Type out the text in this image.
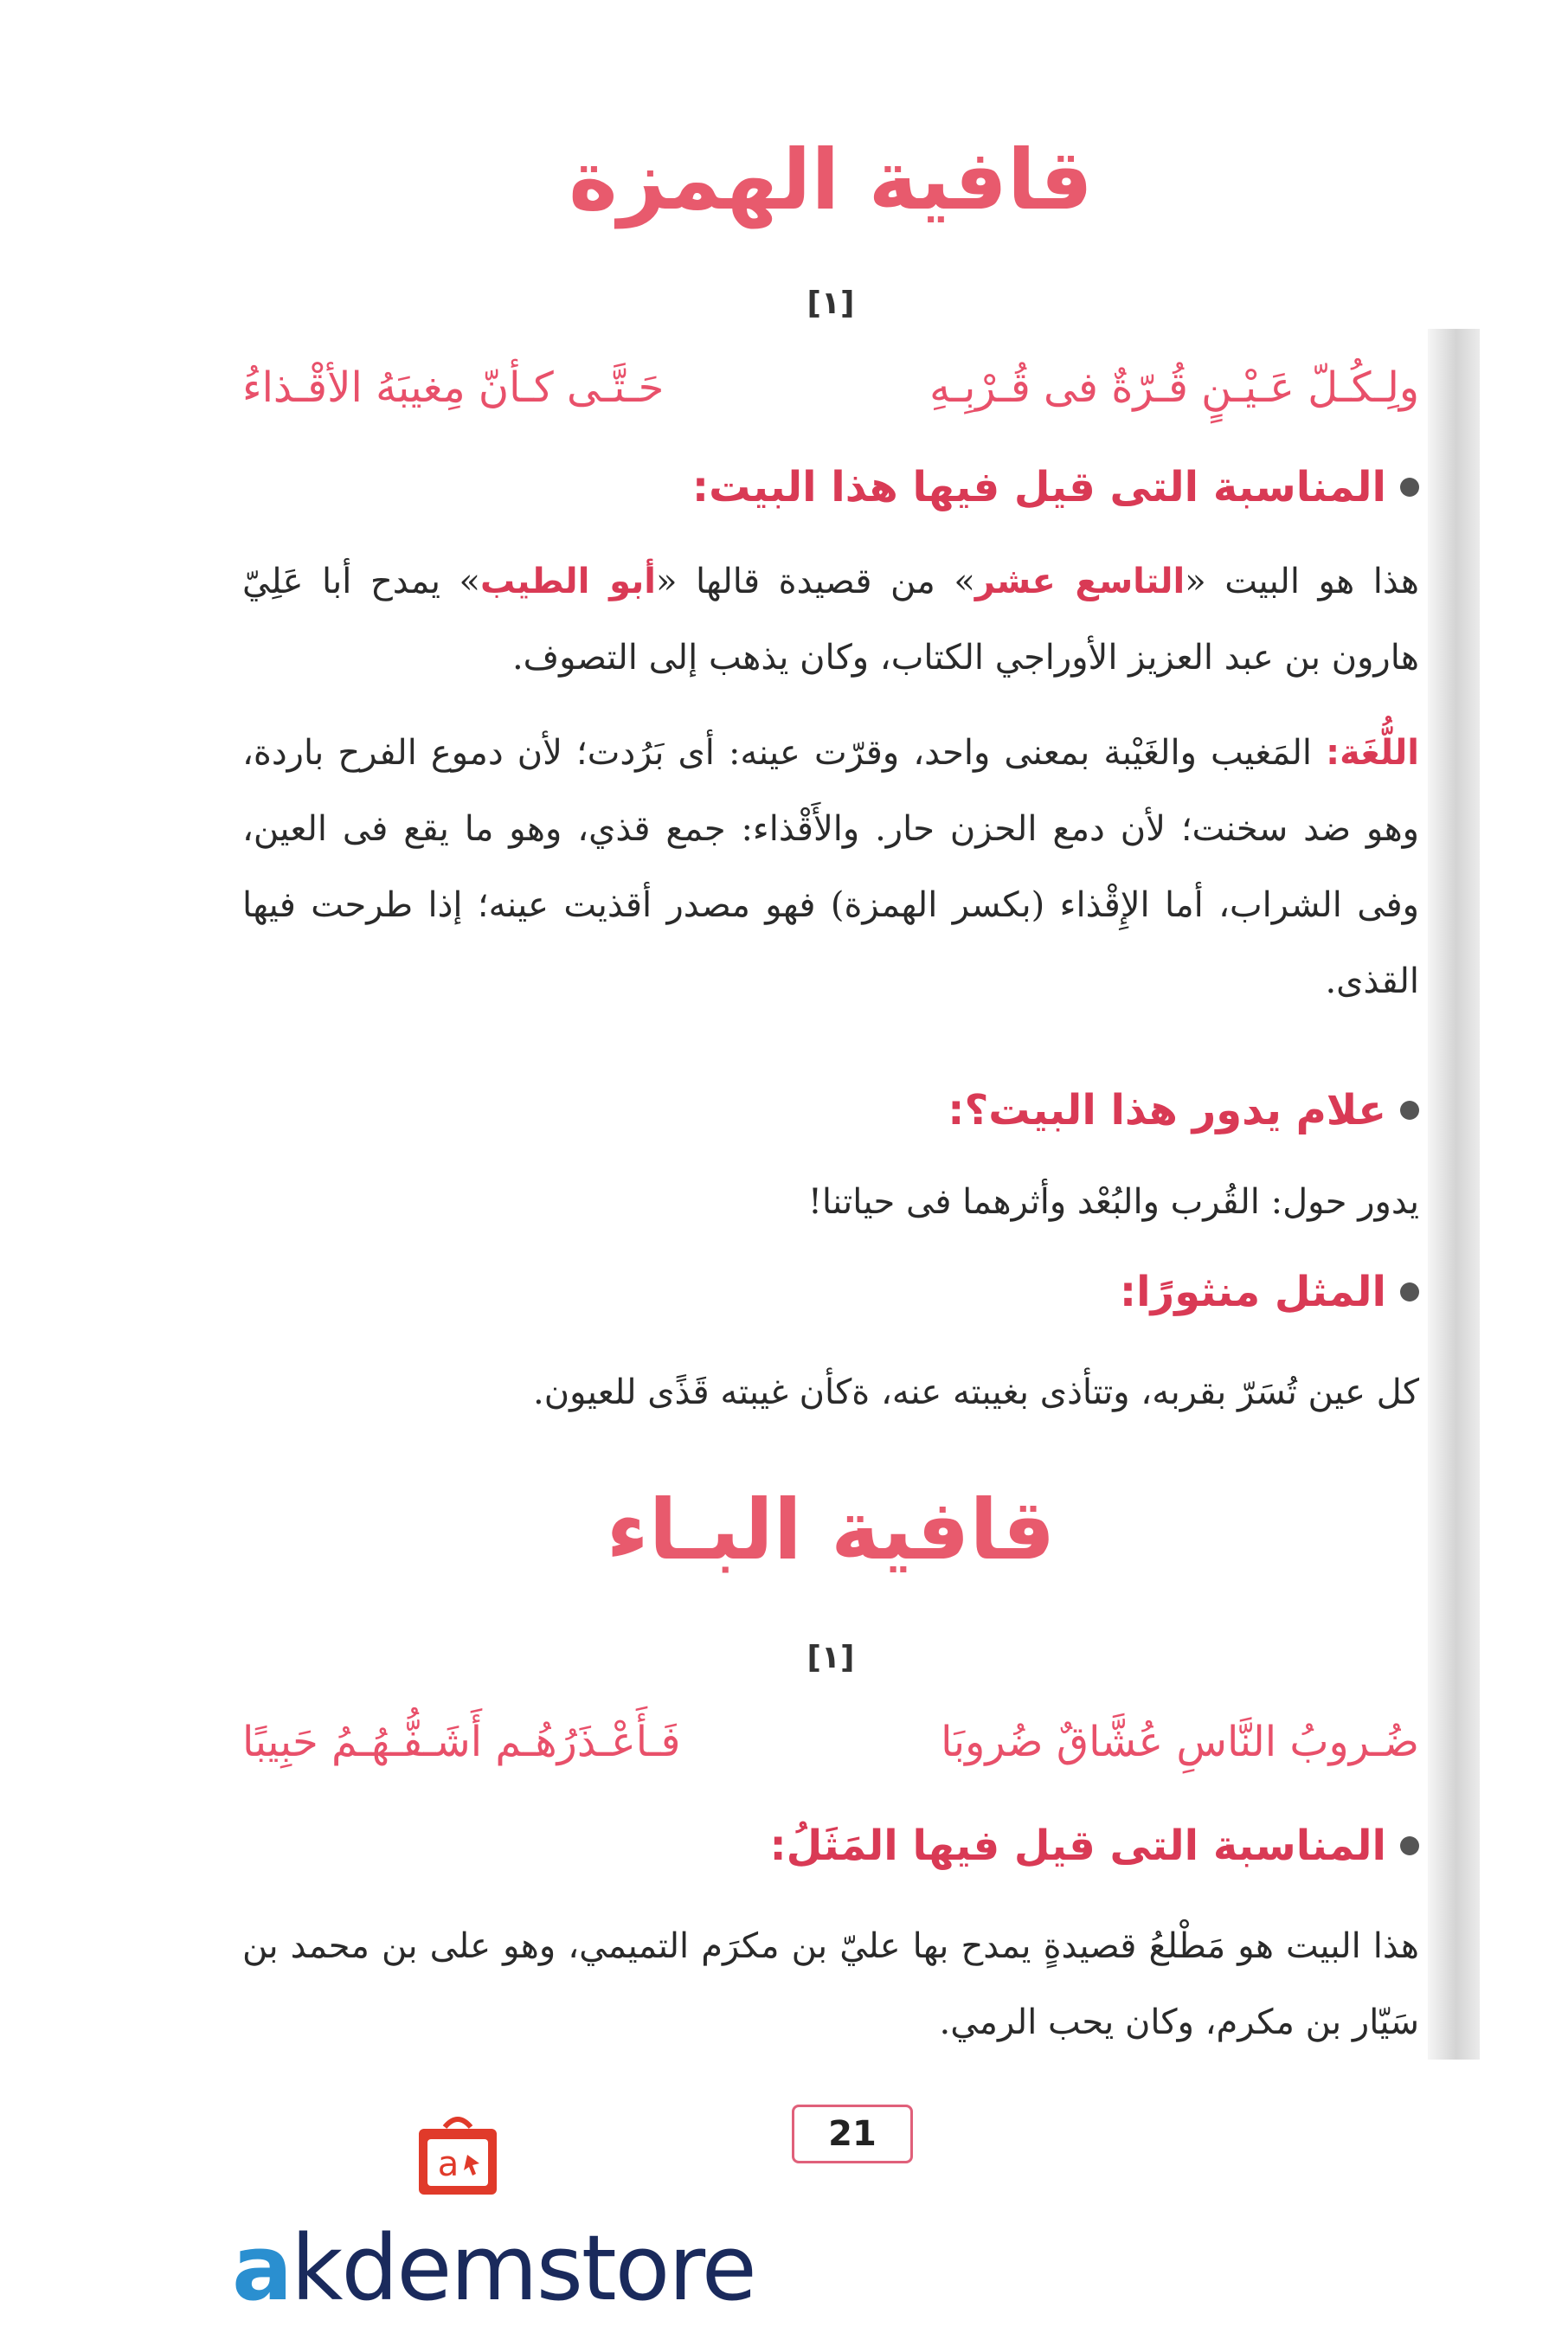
قافية الهمزة
[١]
ولِـكُـلّ عَـيْـنٍ قُـرّةٌ فى قُـرْبِـهِ
حَـتَّـى كـأنّ مِغيبَهُ الأقْـذاءُ
المناسبة التى قيل فيها هذا البيت:
هذا هو البيت «التاسع عشر» من قصيدة قالها «أبو الطيب» يمدح أبا عَلِيّ هارون بن عبد العزيز الأوراجي الكتاب، وكان يذهب إلى التصوف.
اللُّغَة: المَغيب والغَيْبة بمعنى واحد، وقرّت عينه: أى بَرُدت؛ لأن دموع الفرح باردة، وهو ضد سخنت؛ لأن دمع الحزن حار. والأَقْذاء: جمع قذي، وهو ما يقع فى العين، وفى الشراب، أما الإِقْذاء (بكسر الهمزة) فهو مصدر أقذيت عينه؛ إذا طرحت فيها القذى.
علام يدور هذا البيت؟:
يدور حول: القُرب والبُعْد وأثرهما فى حياتنا!
المثل منثورًا:
كل عين تُسَرّ بقربه، وتتأذى بغيبته عنه، ةكأن غيبته قَذًى للعيون.
قافية البـاء
[١]
ضُـروبُ النَّاسِ عُشَّاقٌ ضُروبَا
فَـأَعْـذَرُهُـم أَشَـفُّـهُـمُ حَبِيبًا
المناسبة التى قيل فيها المَثَلُ:
هذا البيت هو مَطْلعُ قصيدةٍ يمدح بها عليّ بن مكرَم التميمي، وهو على بن محمد بن سَيّار بن مكرم، وكان يحب الرمي.
21
a
akdemstore
